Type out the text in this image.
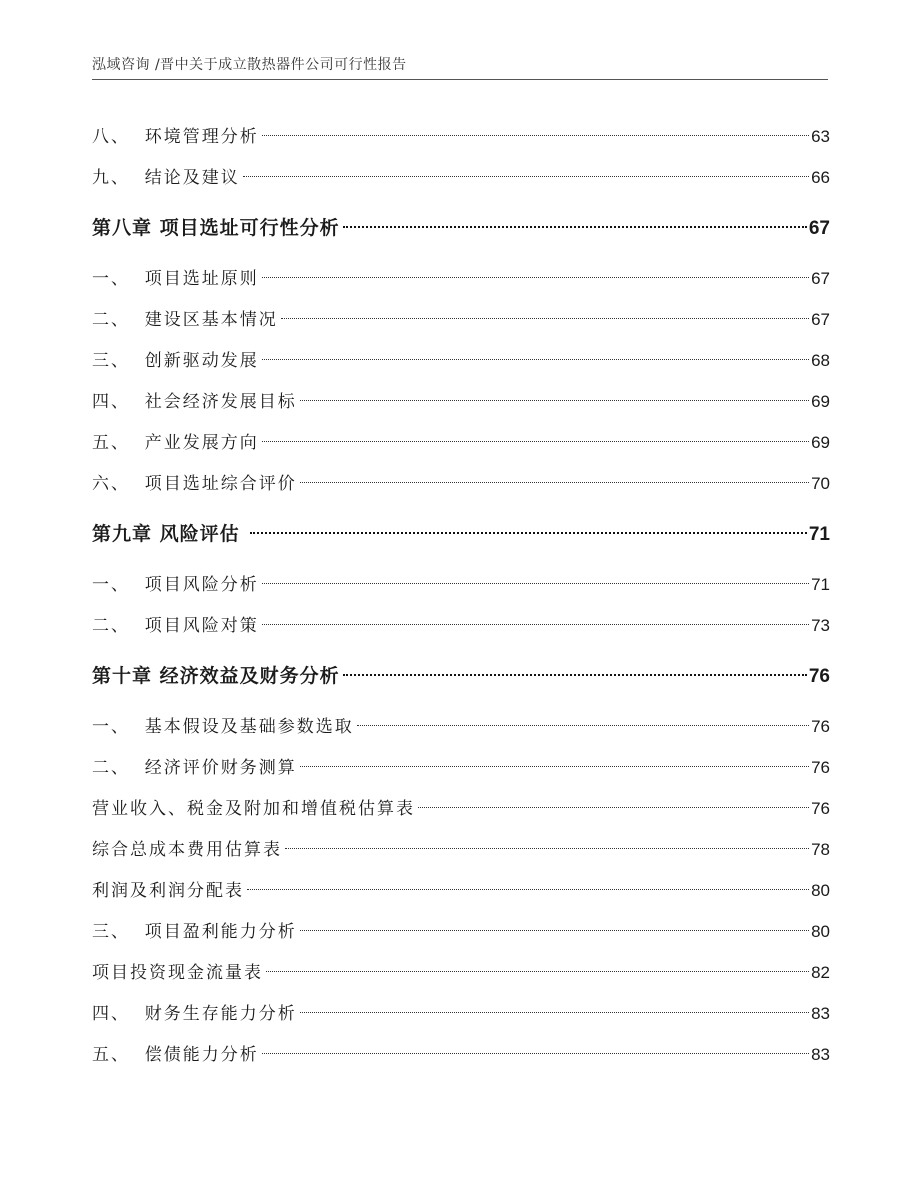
泓域咨询 /晋中关于成立散热器件公司可行性报告
八、  环境管理分析	63
九、  结论及建议	66
第八章 项目选址可行性分析	67
一、  项目选址原则	67
二、  建设区基本情况	67
三、  创新驱动发展	68
四、  社会经济发展目标	69
五、  产业发展方向	69
六、  项目选址综合评价	70
第九章 风险评估	71
一、  项目风险分析	71
二、  项目风险对策	73
第十章 经济效益及财务分析	76
一、  基本假设及基础参数选取	76
二、  经济评价财务测算	76
营业收入、税金及附加和增值税估算表	76
综合总成本费用估算表	78
利润及利润分配表	80
三、  项目盈利能力分析	80
项目投资现金流量表	82
四、  财务生存能力分析	83
五、  偿债能力分析	83
